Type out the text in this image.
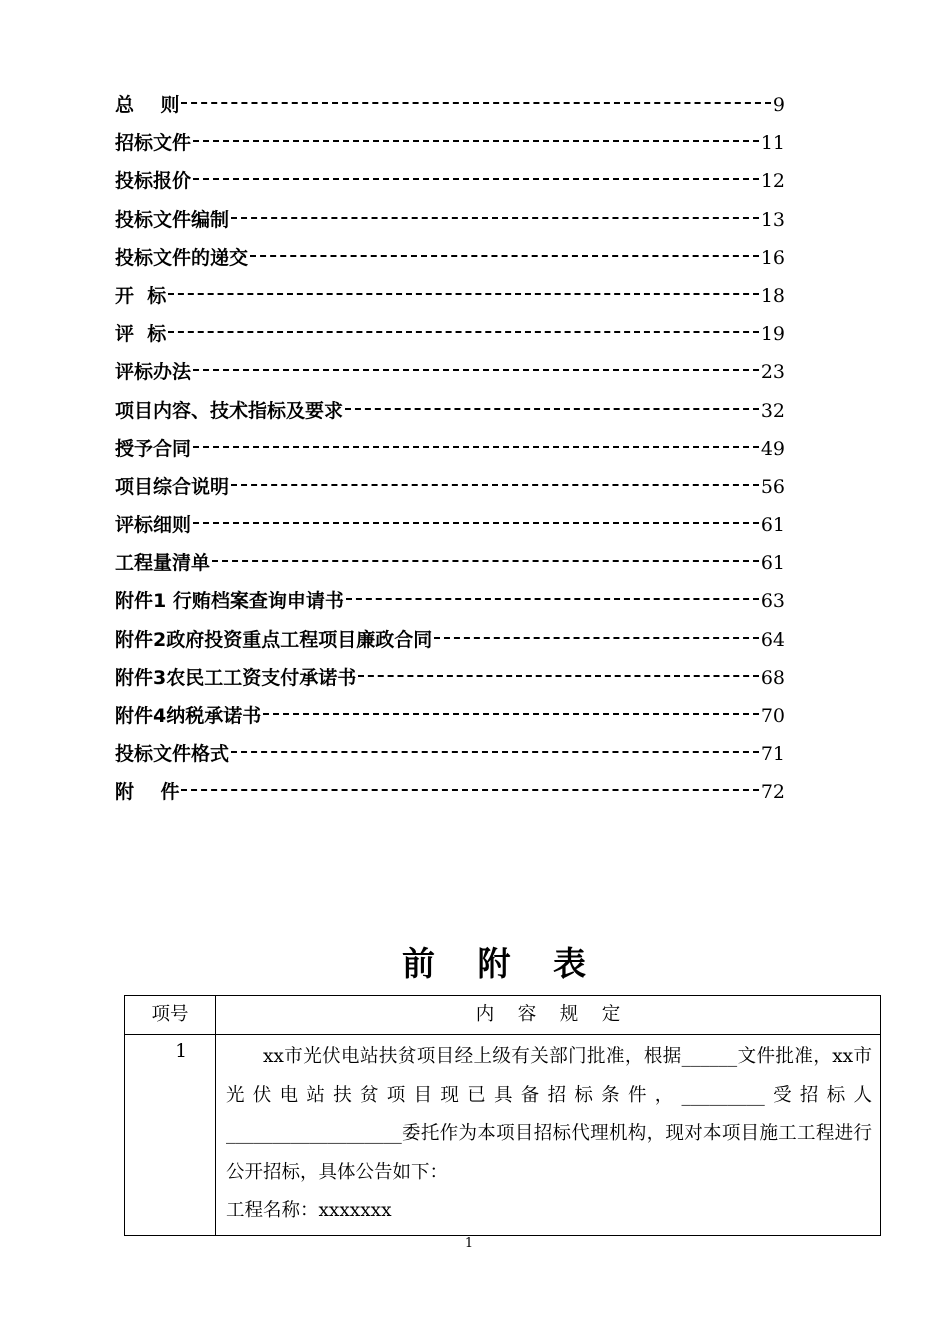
总    则	9
招标文件	11
投标报价	12
投标文件编制	13
投标文件的递交	16
开  标	18
评  标	19
评标办法	23
项目内容、技术指标及要求	32
授予合同	49
项目综合说明	56
评标细则	61
工程量清单	61
附件1 行贿档案查询申请书	63
附件2政府投资重点工程项目廉政合同	64
附件3农民工工资支付承诺书	68
附件4纳税承诺书	70
投标文件格式	71
附    件	72
前   附   表
项号	内    容    规    定
1	xx市光伏电站扶贫项目经上级有关部门批准，根据______文件批准，xx市光伏电站扶贫项目现已具备招标条件，_________受招标人 ___________________委托作为本项目招标代理机构，现对本项目施工工程进行公开招标，具体公告如下：

工程名称：xxxxxxx

1
